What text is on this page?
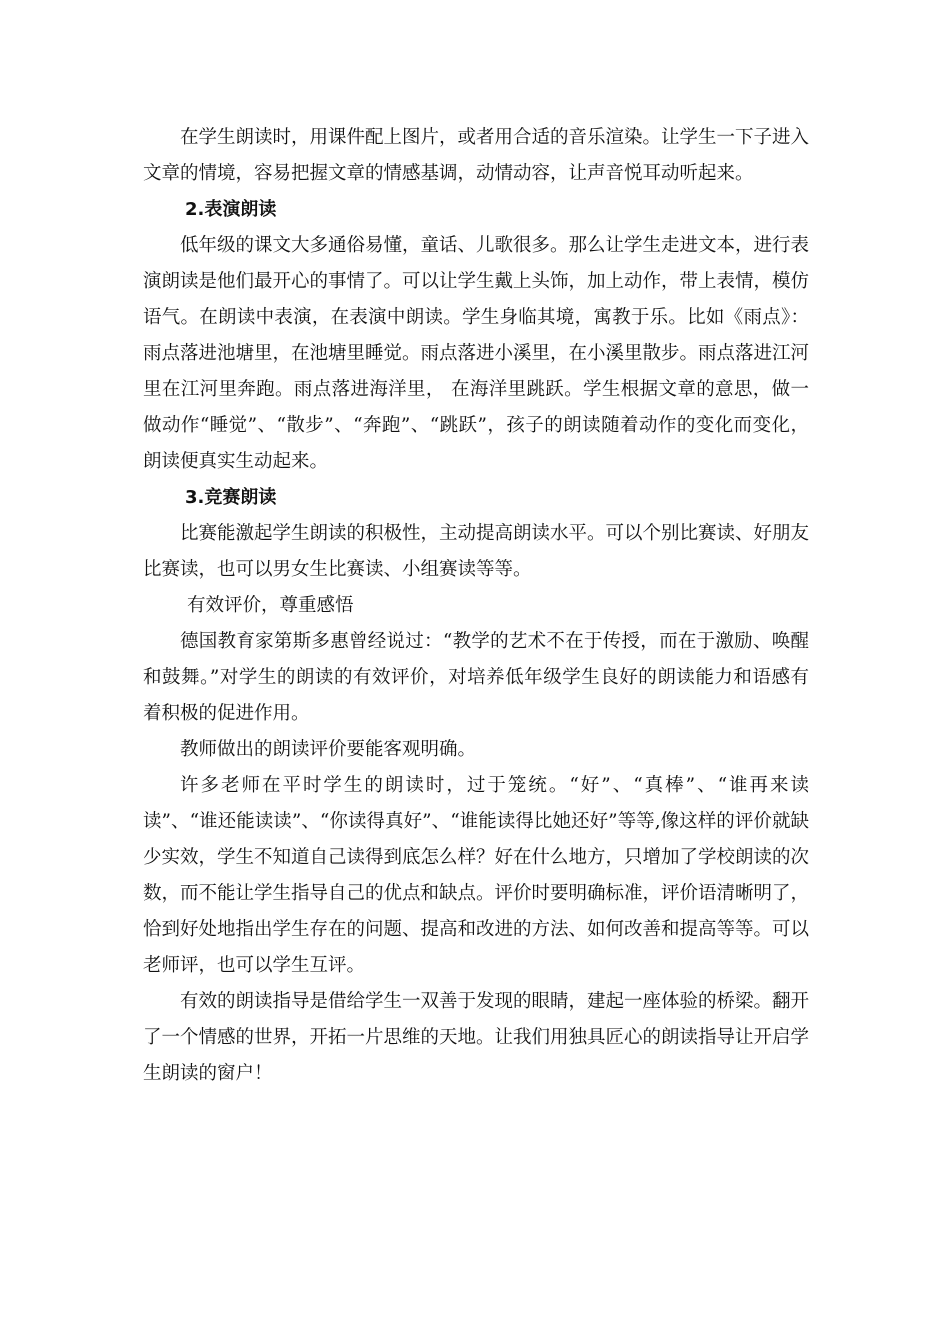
在学生朗读时，用课件配上图片，或者用合适的音乐渲染。让学生一下子进入文章的情境，容易把握文章的情感基调，动情动容，让声音悦耳动听起来。

2.表演朗读

低年级的课文大多通俗易懂，童话、儿歌很多。那么让学生走进文本，进行表演朗读是他们最开心的事情了。可以让学生戴上头饰，加上动作，带上表情，模仿语气。在朗读中表演，在表演中朗读。学生身临其境，寓教于乐。比如《雨点》：雨点落进池塘里，在池塘里睡觉。雨点落进小溪里，在小溪里散步。雨点落进江河里在江河里奔跑。雨点落进海洋里， 在海洋里跳跃。学生根据文章的意思，做一做动作“睡觉”、“散步”、“奔跑”、“跳跃”，孩子的朗读随着动作的变化而变化，朗读便真实生动起来。

3.竞赛朗读

比赛能激起学生朗读的积极性，主动提高朗读水平。可以个别比赛读、好朋友比赛读，也可以男女生比赛读、小组赛读等等。

有效评价，尊重感悟

德国教育家第斯多惠曾经说过：“教学的艺术不在于传授，而在于激励、唤醒和鼓舞。”对学生的朗读的有效评价，对培养低年级学生良好的朗读能力和语感有着积极的促进作用。

教师做出的朗读评价要能客观明确。

许多老师在平时学生的朗读时，过于笼统。“好”、“真棒”、“谁再来读读”、“谁还能读读”、“你读得真好”、“谁能读得比她还好”等等,像这样的评价就缺少实效，学生不知道自己读得到底怎么样？好在什么地方，只增加了学校朗读的次数，而不能让学生指导自己的优点和缺点。评价时要明确标准，评价语清晰明了，恰到好处地指出学生存在的问题、提高和改进的方法、如何改善和提高等等。可以老师评，也可以学生互评。

有效的朗读指导是借给学生一双善于发现的眼睛，建起一座体验的桥梁。翻开了一个情感的世界，开拓一片思维的天地。让我们用独具匠心的朗读指导让开启学生朗读的窗户！
